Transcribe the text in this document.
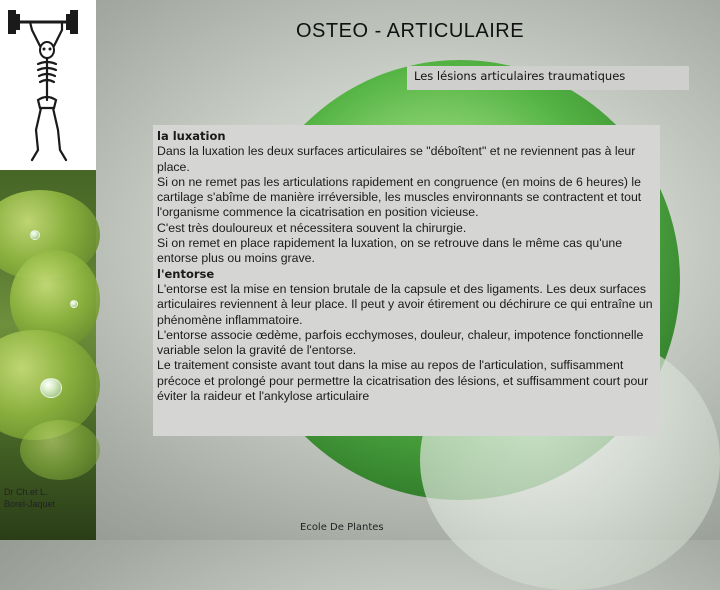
Dr Ch.et L.
Borel-Jaquet
OSTEO - ARTICULAIRE
Les lésions articulaires traumatiques

la luxation

Dans la luxation les deux surfaces articulaires se "déboîtent" et ne reviennent pas à leur place.

Si on ne remet pas les articulations rapidement en congruence (en moins de 6 heures) le cartilage s'abîme de manière irréversible, les muscles environnants se contractent et tout l'organisme commence la cicatrisation en position vicieuse.

C'est très douloureux et nécessitera souvent la chirurgie.

Si on remet en place rapidement la luxation, on se retrouve dans le même cas qu'une entorse plus ou moins grave.

l'entorse

L'entorse est la mise en tension brutale de la capsule et des ligaments. Les deux surfaces articulaires reviennent à leur place. Il peut y avoir étirement ou déchirure ce qui entraîne un phénomène inflammatoire.

L'entorse associe œdème, parfois ecchymoses, douleur, chaleur, impotence fonctionnelle variable selon la gravité de l'entorse.

Le traitement consiste avant tout dans la mise au repos de l'articulation, suffisamment précoce et prolongé pour permettre la cicatrisation des lésions, et suffisamment court pour éviter la raideur et l'ankylose articulaire

Ecole De Plantes
